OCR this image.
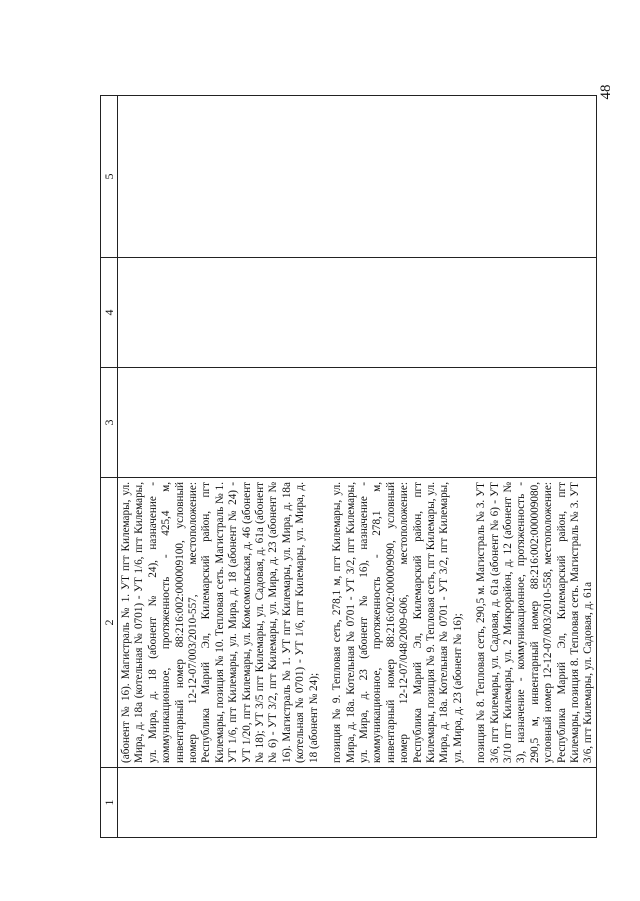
48
1	2	3	4	5

	(абонент № 16). Магистраль № 1. УТ пгт Килемары, ул. Мира, д. 18а (котельная № 0701) - УТ 1/6, пгт Килемары, ул. Мира, д. 18 (абонент № 24), назначение - коммуникационное, протяженность - 425,4 м, инвентарный номер 88:216:002:000009100, условный номер 12-12-07/003/2010-557, местоположение: Республика Марий Эл, Килемарский район, пгт Килемары, позиция № 10. Тепловая сеть. Магистраль № 1. УТ 1/6, пгт Килемары, ул. Мира, д. 18 (абонент № 24) - УТ 1/20, пгт Килемары, ул. Комсомольская, д. 46 (абонент № 18); УТ 3/5 пгт Килемары, ул. Садовая, д. 61а (абонент № 6) - УТ 3/2, пгт Килемары, ул. Мира, д. 23 (абонент № 16). Магистраль № 1. УТ пгт Килемары, ул. Мира, д. 18а (котельная № 0701) - УТ 1/6, пгт Килемары, ул. Мира, д. 18 (абонент № 24); позиция № 9. Тепловая сеть, 278,1 м, пгт Килемары, ул. Мира, д. 18а. Котельная № 0701 - УТ 3/2, пгт Килемары, ул. Мира, д. 23 (абонент № 16), назначение - коммуникационное, протяженность - 278,1 м, инвентарный номер 88:216:002:000009090, условный номер 12-12-07/048/2009-606, местоположение: Республика Марий Эл, Килемарский район, пгт Килемары, позиция № 9. Тепловая сеть, пгт Килемары, ул. Мира, д. 18а. Котельная № 0701 - УТ 3/2, пгт Килемары, ул. Мира, д. 23 (абонент № 16); позиция № 8. Тепловая сеть, 290,5 м. Магистраль № 3. УТ 3/6, пгт Килемары, ул. Садовая, д. 61а (абонент № 6) - УТ 3/10 пгт Килемары, ул. 2 Микрорайон, д. 12 (абонент № 3), назначение - коммуникационное, протяженность - 290,5 м, инвентарный номер 88:216:002:000009080, условный номер 12-12-07/003/2010-558, местоположение: Республика Марий Эл, Килемарский район, пгт Килемары, позиция 8. Тепловая сеть. Магистраль № 3. УТ 3/6, пгт Килемары, ул. Садовая, д. 61а			
